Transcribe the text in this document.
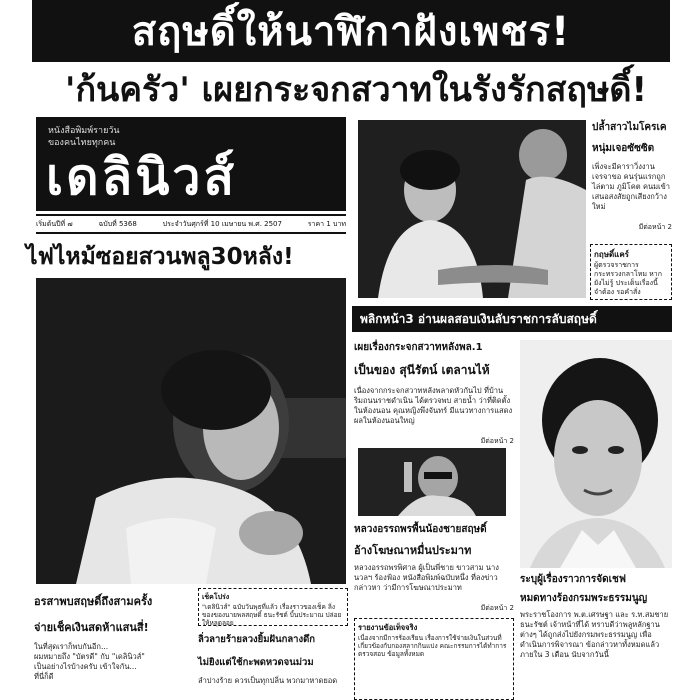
สฤษดิ์ให้นาฬิกาฝังเพชร!
'ก้นครัว' เผยกระจกสวาทในรังรักสฤษดิ์!
หนังสือพิมพ์รายวัน
ของคนไทยทุกคน
เดลินิวส์
เริ่มต้นปีที่ ๗	ฉบับที่ 5368	ประจำวันศุกร์ที่ 10 เมษายน พ.ศ. 2507	ราคา 1 บาท
ไฟไหม้ซอยสวนพลู30หลัง!
ปล้ำสาวไมโครเค
หนุ่มเจอซัซซิต
เพิ่งจะมีคาราวิ่งงาน เจรจาขอ คนรุ่นแรกถูกไล่ตาม ภูมิโคต คนมเข้าเสนอสงสัยถูกเสียงกว้าง ใหม่
มีต่อหน้า 2
กฤษดิ์แคร์
ผู้ตรวจราชการ กระทรวงกลาโหม หาก ยังไม่รู้ ประเด็นเรื่องนี้ จำต้อง รอคำสั่ง
พลิกหน้า3 อ่านผลสอบเงินลับราชการลับสฤษดิ์
เผยเรื่องกระจกสวาทหลังพล.1
เป็นของ สุนีรัตน์ เตลานไห้
เนื่องจากกระจกสวาทหลังพลาดหัวกันไป ที่บ้าน ริมถนนราชดำเนิน ได้ตรวจพบ สายน้ำ ว่าที่ติดตั้งในห้องนอน คุณหญิงพึงจันทร์ มีแนวทางการแสดงผลในห้องนอนใหญ่
มีต่อหน้า 2
หลวงอรรถพรพื้นน้องชายสฤษดิ์
อ้างโฆษณาหมื่นประมาท
หลวงอรรถพรพิศาล ผู้เป็นพี่ชาย ขาวสาม นางนวลฯ ร้องฟ้อง หนังสือพิมพ์ฉบับหนึ่ง ที่ลงข่าวกล่าวหา ว่ามีการโฆษณาประมาท
มีต่อหน้า 2
ระบุผู้เรื่องราวการจัดเชฟ
หมดทางร้องกรมพระธรรมนูญ
พระราชโองการ พ.ต.เศรษฐา และ ร.ท.สมชาย ธนะรัชต์ เจ้าหน้าที่ได้ ทราบดีว่าพลูหลักฐาน ต่างๆ ได้ถูกส่งไปยังกรมพระธรรมนูญ เพื่อดำเนินการพิจารณา ข้อกล่าวหาทั้งหมดแล้ว ภายใน 3 เดือน นับจากวันนี้
อรสาพบสฤษดิ์ถึงสามครั้ง
จ่ายเช็คเงินสดห้าแสนสี่!
ในที่สุดเราก็พบกันอีก...
ผมหมายถึง "บัตรดี" กับ "เดลินิวส์"
เป็นอย่างไรบ้างครับ เข้าใจกัน...
ที่นี่ก็ดี
เช็คโปร่ง
"เดลินิวส์" ฉบับวันพุธที่แล้ว เรื่องราวของเช็ค ลิ่งของของนายพลสฤษดิ์ ธนะรัชต์ บิ้นประมาณ ปล่อยให้หลุดลอย
ลิ่วลายร้ายลวงยิ้มฝันกลางดึก
ไม่ยิงแต่ใช้กะพดหวดจนม่วม
ลำปางร้าย ควรเป็นทุกปลิ่น พวกมาหาดยอด
รายงานข้อเท็จจริง
เนื่องจากมีการร้องเรียน เรื่องการใช้จ่ายเงินในส่วนที่เกี่ยวข้องกับกองสลากกินแบ่ง คณะกรรมการได้ทำการตรวจสอบ ข้อมูลทั้งหมด
